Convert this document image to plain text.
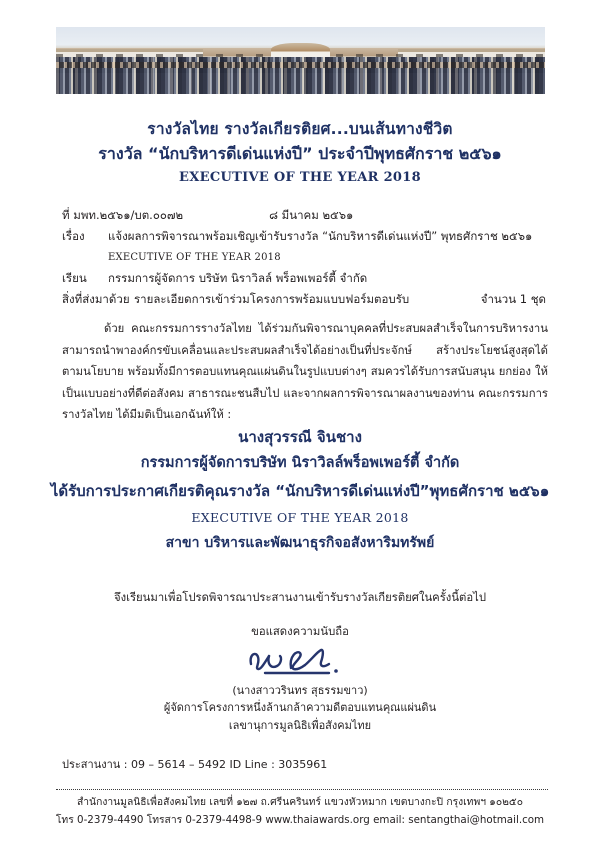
รางวัลไทย รางวัลเกียรติยศ...บนเส้นทางชีวิต
รางวัล “นักบริหารดีเด่นแห่งปี” ประจำปีพุทธศักราช ๒๕๖๑
EXECUTIVE OF THE YEAR 2018
ที่ มพท.๒๕๖๑/บต.๐๐๗๒	๘ มีนาคม ๒๕๖๑
เรื่อง	แจ้งผลการพิจารณาพร้อมเชิญเข้ารับรางวัล “นักบริหารดีเด่นแห่งปี” พุทธศักราช ๒๕๖๑
EXECUTIVE OF THE YEAR 2018
เรียน	กรรมการผู้จัดการ บริษัท นิราวิลล์ พร็อพเพอร์ตี้ จำกัด
สิ่งที่ส่งมาด้วย รายละเอียดการเข้าร่วมโครงการพร้อมแบบฟอร์มตอบรับ	จำนวน 1 ชุด
ด้วย คณะกรรมการรางวัลไทย ได้ร่วมกันพิจารณาบุคคลที่ประสบผลสำเร็จในการบริหารงาน สามารถนำพาองค์กรขับเคลื่อนและประสบผลสำเร็จได้อย่างเป็นที่ประจักษ์ สร้างประโยชน์สูงสุดได้ตามนโยบาย พร้อมทั้งมีการตอบแทนคุณแผ่นดินในรูปแบบต่างๆ สมควรได้รับการสนับสนุน ยกย่อง ให้เป็นแบบอย่างที่ดีต่อสังคม สาธารณะชนสืบไป และจากผลการพิจารณาผลงานของท่าน คณะกรรมการรางวัลไทย ได้มีมติเป็นเอกฉันท์ให้ :
นางสุวรรณี จินชาง
กรรมการผู้จัดการบริษัท นิราวิลล์พร็อพเพอร์ตี้ จำกัด
ได้รับการประกาศเกียรติคุณรางวัล “นักบริหารดีเด่นแห่งปี”พุทธศักราช ๒๕๖๑
EXECUTIVE OF THE YEAR 2018
สาขา บริหารและพัฒนาธุรกิจอสังหาริมทรัพย์
จึงเรียนมาเพื่อโปรดพิจารณาประสานงานเข้ารับรางวัลเกียรติยศในครั้งนี้ต่อไป
ขอแสดงความนับถือ
(นางสาววรินทร สุธรรมขาว)
ผู้จัดการโครงการหนึ่งล้านกล้าความดีตอบแทนคุณแผ่นดิน
เลขานุการมูลนิธิเพื่อสังคมไทย
ประสานงาน : 09 – 5614 – 5492 ID Line : 3035961
สำนักงานมูลนิธิเพื่อสังคมไทย เลขที่ ๑๒๗ ถ.ศรีนครินทร์ แขวงหัวหมาก เขตบางกะปิ กรุงเทพฯ ๑๐๒๕๐
โทร 0-2379-4490 โทรสาร 0-2379-4498-9 www.thaiawards.org email: sentangthai@hotmail.com
